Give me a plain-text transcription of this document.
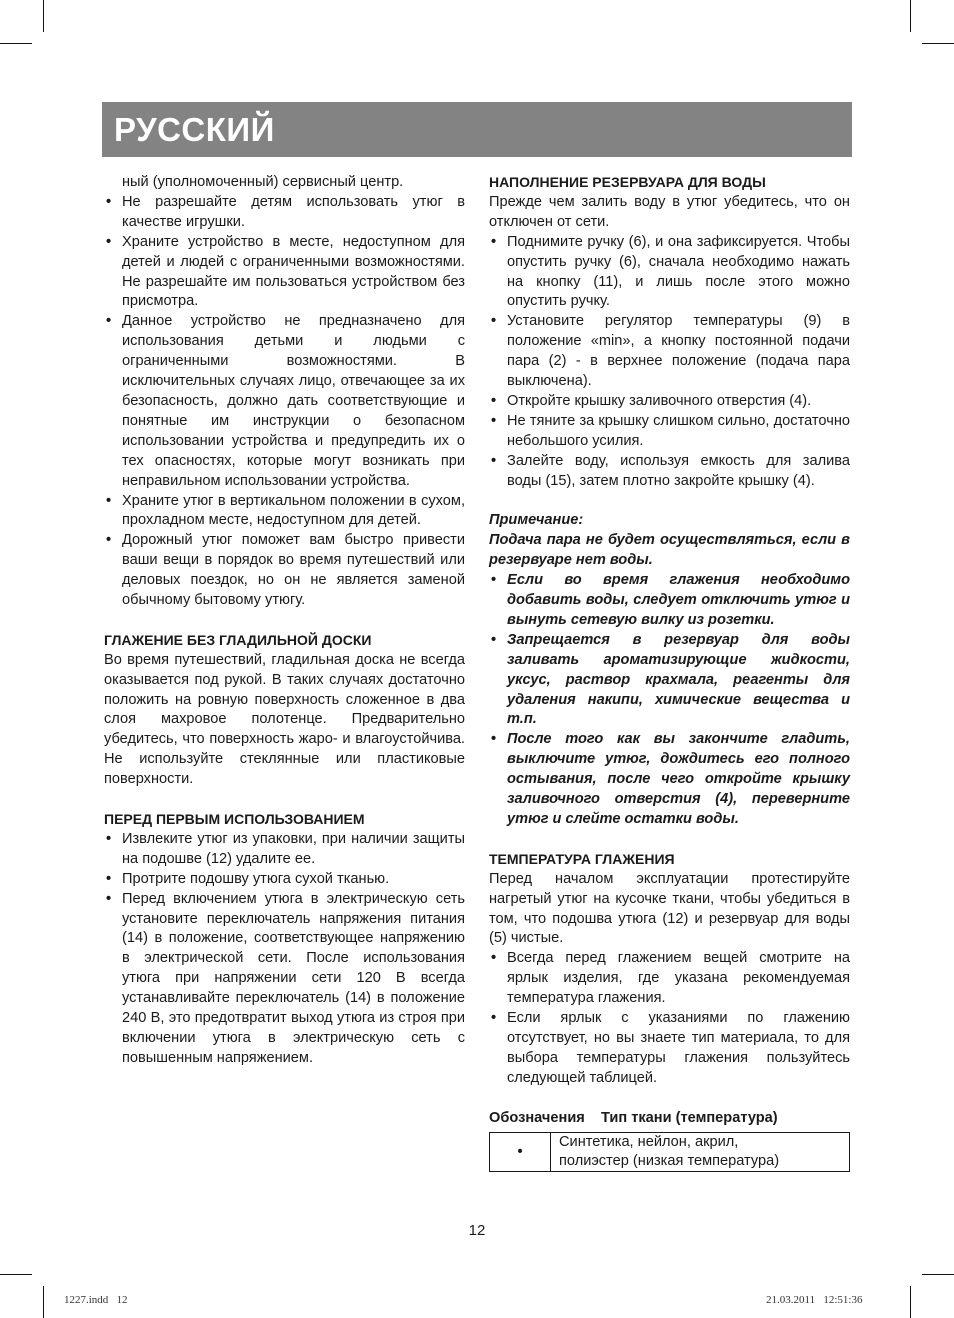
РУССКИЙ

ный (уполномоченный) сервисный центр.

• Не разрешайте детям использовать утюг в качестве игрушки.

• Храните устройство в месте, недоступном для детей и людей с ограниченными возможностями. Не разрешайте им пользоваться устройством без присмотра.

• Данное устройство не предназначено для использования детьми и людьми с ограниченными возможностями. В исключительных случаях лицо, отвечающее за их безопасность, должно дать соответствующие и понятные им инструкции о безопасном использовании устройства и предупредить их о тех опасностях, которые могут возникать при неправильном использовании устройства.

• Храните утюг в вертикальном положении в сухом, прохладном месте, недоступном для детей.

• Дорожный утюг поможет вам быстро привести ваши вещи в порядок во время путешествий или деловых поездок, но он не является заменой обычному бытовому утюгу.

ГЛАЖЕНИЕ БЕЗ ГЛАДИЛЬНОЙ ДОСКИ

Во время путешествий, гладильная доска не всегда оказывается под рукой. В таких случаях достаточно положить на ровную поверхность сложенное в два слоя махровое полотенце. Предварительно убедитесь, что поверхность жаро- и влагоустойчива. Не используйте стеклянные или пластиковые поверхности.

ПЕРЕД ПЕРВЫМ ИСПОЛЬЗОВАНИЕМ

• Извлеките утюг из упаковки, при наличии защиты на подошве (12) удалите ее.

• Протрите подошву утюга сухой тканью.

• Перед включением утюга в электрическую сеть установите переключатель напряжения питания (14) в положение, соответствующее напряжению в электрической сети. После использования утюга при напряжении сети 120 В всегда устанавливайте переключатель (14) в положение 240 В, это предотвратит выход утюга из строя при включении утюга в электрическую сеть с повышенным напряжением.

НАПОЛНЕНИЕ РЕЗЕРВУАРА ДЛЯ ВОДЫ

Прежде чем залить воду в утюг убедитесь, что он отключен от сети.

• Поднимите ручку (6), и она зафиксируется. Чтобы опустить ручку (6), сначала необходимо нажать на кнопку (11), и лишь после этого можно опустить ручку.

• Установите регулятор температуры (9) в положение «min», а кнопку постоянной подачи пара (2) - в верхнее положение (подача пара выключена).

• Откройте крышку заливочного отверстия (4).

• Не тяните за крышку слишком сильно, достаточно небольшого усилия.

• Залейте воду, используя емкость для залива воды (15), затем плотно закройте крышку (4).

Примечание:

Подача пара не будет осуществляться, если в резервуаре нет воды.

• Если во время глажения необходимо добавить воды, следует отключить утюг и вынуть сетевую вилку из розетки.

• Запрещается в резервуар для воды заливать ароматизирующие жидкости, уксус, раствор крахмала, реагенты для удаления накипи, химические вещества и т.п.

• После того как вы закончите гладить, выключите утюг, дождитесь его полного остывания, после чего откройте крышку заливочного отверстия (4), переверните утюг и слейте остатки воды.

ТЕМПЕРАТУРА ГЛАЖЕНИЯ

Перед началом эксплуатации протестируйте нагретый утюг на кусочке ткани, чтобы убедиться в том, что подошва утюга (12) и резервуар для воды (5) чистые.

• Всегда перед глажением вещей смотрите на ярлык изделия, где указана рекомендуемая температура глажения.

• Если ярлык с указаниями по глажению отсутствует, но вы знаете тип материала, то для выбора температуры глажения пользуйтесь следующей таблицей.

Обозначения Тип ткани (температура)

•	
Синтетика, нейлон, акрил,
полиэстер (низкая температура)
12
1227.indd   12	21.03.2011   12:51:36
